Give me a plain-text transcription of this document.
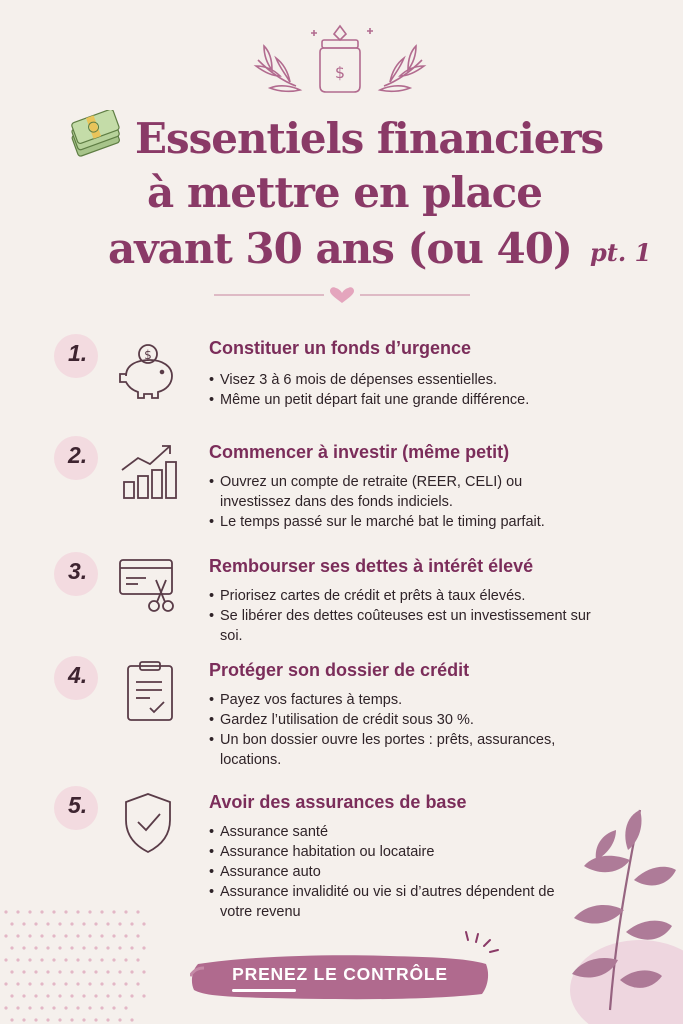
$
Essentiels financiers
à mettre en place
avant 30 ans (ou 40) pt. 1
1.	$	Constituer un fonds d’urgence
• Visez 3 à 6 mois de dépenses essentielles.
• Même un petit départ fait une grande différence.
2.	Commencer à investir (même petit)
• Ouvrez un compte de retraite (REER, CELI) ou investissez dans des fonds indiciels.
• Le temps passé sur le marché bat le timing parfait.
3.	Rembourser ses dettes à intérêt élevé
• Priorisez cartes de crédit et prêts à taux élevés.
• Se libérer des dettes coûteuses est un investissement sur soi.
4.	Protéger son dossier de crédit
• Payez vos factures à temps.
• Gardez l’utilisation de crédit sous 30 %.
• Un bon dossier ouvre les portes : prêts, assurances, locations.
5.	Avoir des assurances de base
• Assurance santé
• Assurance habitation ou locataire
• Assurance auto
• Assurance invalidité ou vie si d’autres dépendent de votre revenu
PRENEZ LE CONTRÔLE
